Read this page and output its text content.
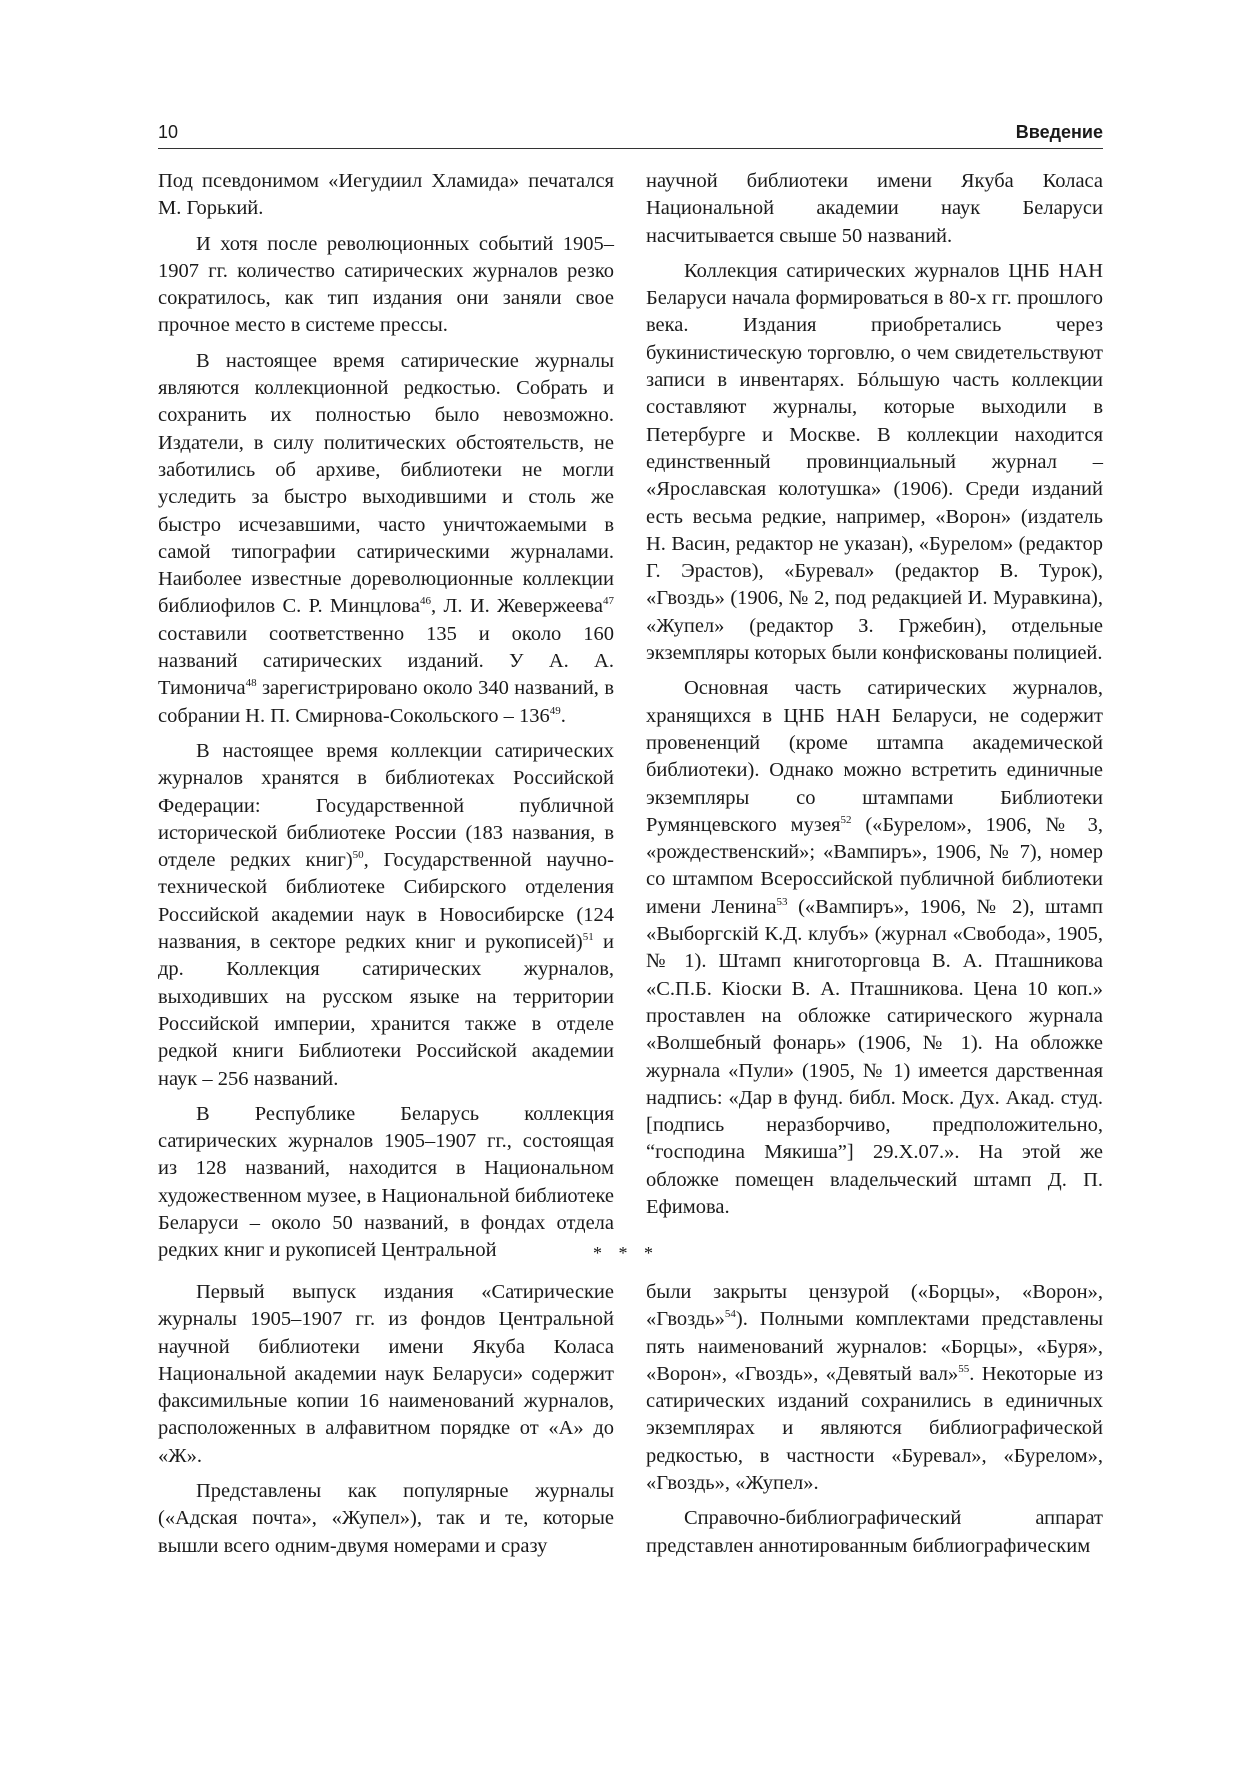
10	Введение

Под псевдонимом «Иегудиил Хламида» печатался М. Горький.

И хотя после революционных событий 1905–1907 гг. количество сатирических журналов резко сократилось, как тип издания они заняли свое прочное место в системе прессы.

В настоящее время сатирические журналы являются коллекционной редкостью. Собрать и сохранить их полностью было невозможно. Издатели, в силу политических обстоятельств, не заботились об архиве, библиотеки не могли уследить за быстро выходившими и столь же быстро исчезавшими, часто уничтожаемыми в самой типографии сатирическими журналами. Наиболее известные дореволюционные коллекции библиофилов С. Р. Минцлова$^{46}$, Л. И. Жевержеева$^{47}$ составили соответственно 135 и около 160 названий сатирических изданий. У А. А. Тимонича$^{48}$ зарегистрировано около 340 названий, в собрании Н. П. Смирнова-Сокольского – $136^{49}$.

В настоящее время коллекции сатирических журналов хранятся в библиотеках Российской Федерации: Государственной публичной исторической библиотеке России (183 названия, в отделе редких книг)$^{50}$, Государственной научно-технической библиотеке Сибирского отделения Российской академии наук в Новосибирске (124 названия, в секторе редких книг и рукописей)$^{51}$ и др. Коллекция сатирических журналов, выходивших на русском языке на территории Российской империи, хранится также в отделе редкой книги Библиотеки Российской академии наук – 256 названий.

В Республике Беларусь коллекция сатирических журналов 1905–1907 гг., состоящая из 128 названий, находится в Национальном художественном музее, в Национальной библиотеке Беларуси – около 50 названий, в фондах отдела редких книг и рукописей Центральной

научной библиотеки имени Якуба Коласа Национальной академии наук Беларуси насчитывается свыше 50 названий.

Коллекция сатирических журналов ЦНБ НАН Беларуси начала формироваться в 80-х гг. прошлого века. Издания приобретались через букинистическую торговлю, о чем свидетельствуют записи в инвентарях. Бóльшую часть коллекции составляют журналы, которые выходили в Петербурге и Москве. В коллекции находится единственный провинциальный журнал – «Ярославская колотушка» (1906). Среди изданий есть весьма редкие, например, «Ворон» (издатель Н. Васин, редактор не указан), «Бурелом» (редактор Г. Эрастов), «Буревал» (редактор В. Турок), «Гвоздь» (1906, № 2, под редакцией И. Муравкина), «Жупел» (редактор З. Гржебин), отдельные экземпляры которых были конфискованы полицией.

Основная часть сатирических журналов, хранящихся в ЦНБ НАН Беларуси, не содержит провененций (кроме штампа академической библиотеки). Однако можно встретить единичные экземпляры со штампами Библиотеки Румянцевского музея$^{52}$ («Бурелом», 1906, № 3, «рождественский»; «Вампиръ», 1906, № 7), номер со штампом Всероссийской публичной библиотеки имени Ленина$^{53}$ («Вампиръ», 1906, № 2), штамп «Выборгскiй К.Д. клубъ» (журнал «Свобода», 1905, № 1). Штамп книготорговца В. А. Пташникова «С.П.Б. Кiоски В. А. Пташникова. Цена 10 коп.» проставлен на обложке сатирического журнала «Волшебный фонарь» (1906, № 1). На обложке журнала «Пули» (1905, № 1) имеется дарственная надпись: «Дар в фунд. библ. Моск. Дух. Акад. студ. [подпись неразборчиво, предположительно, “господина Мякиша”] 29.Х.07.». На этой же обложке помещен владельческий штамп Д. П. Ефимова.

* * *

Первый выпуск издания «Сатирические журналы 1905–1907 гг. из фондов Центральной научной библиотеки имени Якуба Коласа Национальной академии наук Беларуси» содержит факсимильные копии 16 наименований журналов, расположенных в алфавитном порядке от «А» до «Ж».

Представлены как популярные журналы («Адская почта», «Жупел»), так и те, которые вышли всего одним-двумя номерами и сразу

были закрыты цензурой («Борцы», «Ворон», «Гвоздь»$^{54}$). Полными комплектами представлены пять наименований журналов: «Борцы», «Буря», «Ворон», «Гвоздь», «Девятый вал»$^{55}$. Некоторые из сатирических изданий сохранились в единичных экземплярах и являются библиографической редкостью, в частности «Буревал», «Бурелом», «Гвоздь», «Жупел».

Справочно-библиографический аппарат представлен аннотированным библиографическим
